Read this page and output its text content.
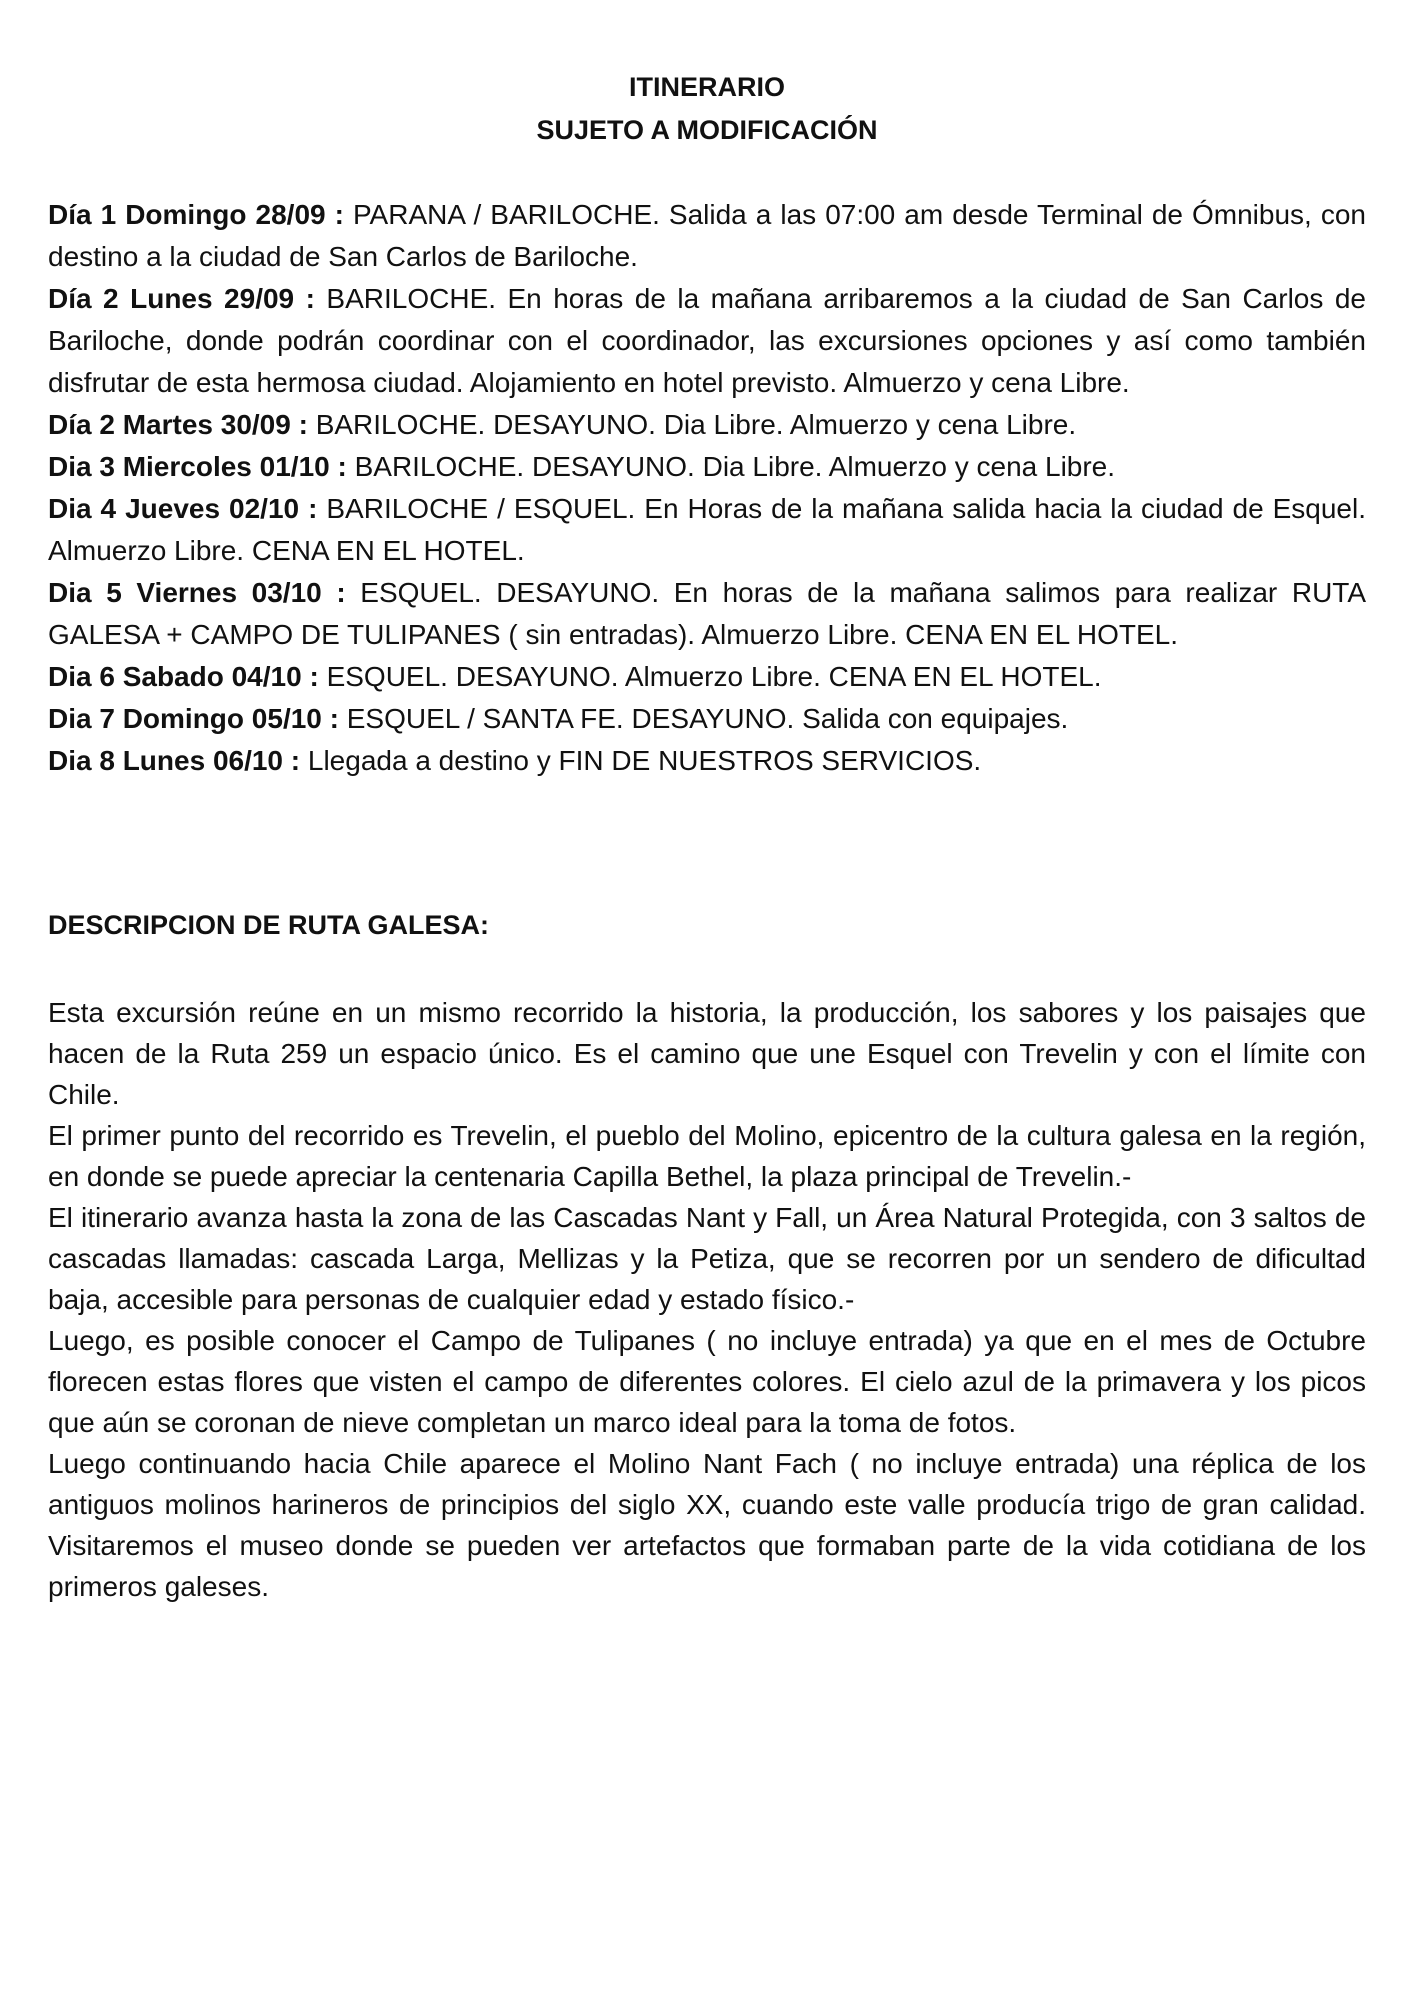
ITINERARIO

SUJETO A MODIFICACIÓN

Día 1 Domingo 28/09 : PARANA / BARILOCHE. Salida a las 07:00 am desde Terminal de Ómnibus, con destino a la ciudad de San Carlos de Bariloche.

Día 2 Lunes 29/09 : BARILOCHE. En horas de la mañana arribaremos a la ciudad de San Carlos de Bariloche, donde podrán coordinar con el coordinador, las excursiones opciones y así como también disfrutar de esta hermosa ciudad. Alojamiento en hotel previsto. Almuerzo y cena Libre.

Día 2 Martes 30/09 : BARILOCHE. DESAYUNO. Dia Libre. Almuerzo y cena Libre.

Dia 3 Miercoles 01/10 : BARILOCHE. DESAYUNO. Dia Libre. Almuerzo y cena Libre.

Dia 4 Jueves 02/10 : BARILOCHE / ESQUEL. En Horas de la mañana salida hacia la ciudad de Esquel. Almuerzo Libre. CENA EN EL HOTEL.

Dia 5 Viernes 03/10 : ESQUEL. DESAYUNO. En horas de la mañana salimos para realizar RUTA GALESA + CAMPO DE TULIPANES ( sin entradas). Almuerzo Libre. CENA EN EL HOTEL.

Dia 6 Sabado 04/10 : ESQUEL. DESAYUNO. Almuerzo Libre. CENA EN EL HOTEL.

Dia 7 Domingo 05/10 : ESQUEL / SANTA FE. DESAYUNO. Salida con equipajes.

Dia 8 Lunes 06/10 : Llegada a destino y FIN DE NUESTROS SERVICIOS.

DESCRIPCION DE RUTA GALESA:

Esta excursión reúne en un mismo recorrido la historia, la producción, los sabores y los paisajes que hacen de la Ruta 259 un espacio único. Es el camino que une Esquel con Trevelin y con el límite con Chile.

El primer punto del recorrido es Trevelin, el pueblo del Molino, epicentro de la cultura galesa en la región, en donde se puede apreciar la centenaria Capilla Bethel, la plaza principal de Trevelin.-

El itinerario avanza hasta la zona de las Cascadas Nant y Fall, un Área Natural Protegida, con 3 saltos de cascadas llamadas: cascada Larga, Mellizas y la Petiza, que se recorren por un sendero de dificultad baja, accesible para personas de cualquier edad y estado físico.-

Luego, es posible conocer el Campo de Tulipanes ( no incluye entrada) ya que en el mes de Octubre florecen estas flores que visten el campo de diferentes colores. El cielo azul de la primavera y los picos que aún se coronan de nieve completan un marco ideal para la toma de fotos.

Luego continuando hacia Chile aparece el Molino Nant Fach ( no incluye entrada) una réplica de los antiguos molinos harineros de principios del siglo XX, cuando este valle producía trigo de gran calidad. Visitaremos el museo donde se pueden ver artefactos que formaban parte de la vida cotidiana de los primeros galeses.
